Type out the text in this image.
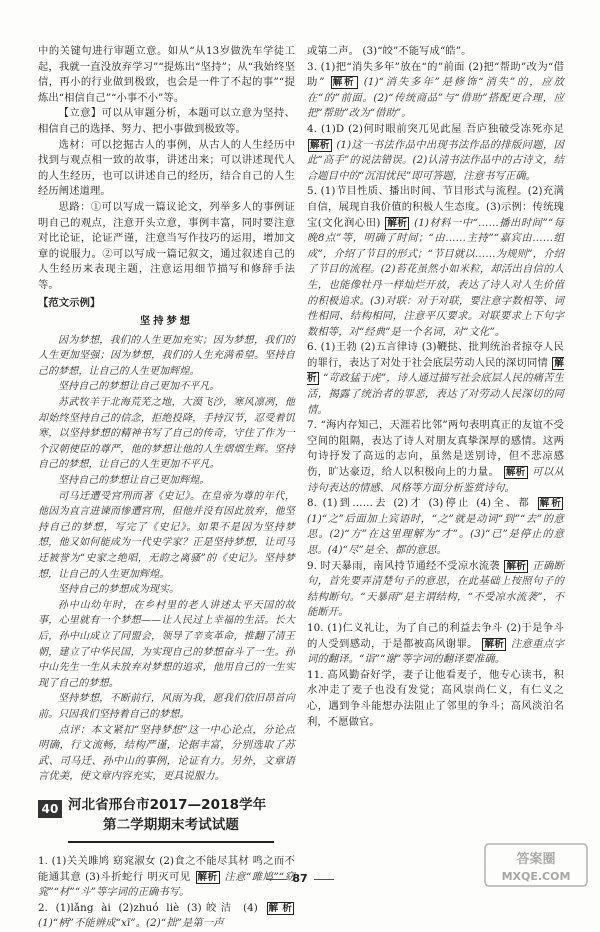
中的关键句进行审题立意。如从“从13岁做洗车学徒工起，我就一直没放弃学习”“提炼出“坚持”；从“我始终坚信，再小的行业做到极致，也会是一件了不起的事”“提炼出“相信自己”“小事不小”等。

【立意】可以从审题分析，本题可以立意为坚持、相信自己的选择、努力、把小事做到极致等。

选材：可以挖掘古人的事例，从古人的人生经历中找到与观点相一致的故事，讲述出来；可以讲述现代人的人生经历，也可以讲述自己的经历，结合自己的人生经历阐述道理。

思路：①可以写成一篇议论文，列举多人的事例证明自己的观点，注意开头立意，事例丰富，同时要注意对比论证，论证严谨，注意当写作技巧的运用，增加文章的说服力。②可以写成一篇记叙文，通过叙述自己的人生经历来表现主题，注意运用细节描写和修辞手法等。

【范文示例】

坚持梦想

因为梦想，我们的人生更加充实；因为梦想，我们的人生更加坚强；因为梦想，我们的人生充满希望。坚持自己的梦想，让自己的人生更加辉煌。

坚持自己的梦想让自己更加不平凡。

苏武牧羊于北海荒芜之地，大漠飞沙，寒风凛冽，他却始终坚持自己的信念，拒绝投降，手持汉节，忍受着饥寒，以坚持梦想的精神书写了自己的传奇，守住了作为一个汉朝使臣的尊严，他的梦想让他的人生熠熠生辉。坚持自己的梦想，让自己的人生更加不平凡。

坚持自己的梦想让自己更加辉煌。

司马迁遭受宫刑而著《史记》。在皇帝为尊的年代，他因为直言进谏而惨遭宫刑，但他并没有因此放弃，他坚持自己的梦想，写完了《史记》。如果不是因为坚持梦想，他又如何能成为一代史学家？正是坚持梦想，让司马迁被誉为“史家之绝唱，无韵之离骚”的《史记》。坚持梦想，让自己的人生更加辉煌。

坚持自己的梦想成为现实。

孙中山幼年时，在乡村里的老人讲述太平天国的故事，心里就有一个梦想——让人民过上幸福的生活。长大后，孙中山成立了同盟会，领导了辛亥革命，推翻了清王朝，建立了中华民国，为实现自己的梦想奋斗了一生。孙中山先生一生从未放弃对梦想的追求，他用自己的一生实现了自己的梦想。

坚持梦想，不断前行，风雨为我，愿我们依旧昂首向前。只因我们坚持着自己的梦想。

点评：本文紧扣“坚持梦想”这一中心论点，分论点明确，行文流畅，结构严谨，论据丰富，分别选取了苏武、司马迁、孙中山的事例，论证有力。另外，文章语言优美，使文章内容充实，更具说服力。

40 河北省邢台市2017—2018学年
第二学期期末考试试题

1. (1)关关雎鸠 窈窕淑女 (2)食之不能尽其材 鸣之而不能通其意 (3)斗折蛇行 明灭可见 解析 注意“雎鸠”“窈窕”“材”“斗”等字词的正确书写。

2. (1)lǎng ài (2)zhuó liè (3)皎洁 (4) 解析 (1)“柄”不能辨成“xī”。(2)“拙”是第一声

或第二声。 (3)“皎”不能写成“皓”。

3. (1)把“消失多年”放在“的”前面 (2)把“帮助”改为“借助” 解析 (1)“消失多年”是修饰“消失”的，应放在“的”前面。(2)“传统商品”与“借助”搭配更合理，应把“帮助”改为“借助”。

4. (1)D (2)何时眼前突兀见此屋 吾庐独破受冻死亦足 解析 (1)这一书法作品中出现书法作品的排版问题，因此“高手”的说法错误。(2)认清书法作品中的古诗文，结合题目中的“沉泪忧民”即可答题，注意书写正确。

5. (1)节目性质、播出时间、节目形式与流程。(2)充满自信，展现自我价值的积极人生态度。(3)示例：传统瑰宝(文化润心田) 解析 (1)材料一中“……播出时间”“每晚8点”等，明确了时间；“由……主持”“嘉宾由……组成”，介绍了节目的形式；“节目就以……为规则”，介绍了节目的流程。(2)苔花虽然小如米粒，却活出自信的人生，也能像牡丹一样灿烂开放，表达了诗人对人生价值的积极追求。(3)对联：对于对联，要注意字数相等、词性相同、结构相同，注意平仄要求。对联要求上下句字数相等，对“经典”是一个名词，对“文化”。

6. (1)王勃 (2)五言律诗 (3)鞭挞、批判统治者掠夺人民的罪行，表达了对处于社会底层劳动人民的深切同情 解析 “苛政猛于虎”，诗人通过描写社会底层人民的痛苦生活，揭露了统治者的罪恶，表达了对劳动人民深切的同情。

7. “海内存知己，天涯若比邻”两句表明真正的友谊不受空间的阻隔，表达了诗人对朋友真挚深厚的感情。这两句诗抒发了高远的志向，虽然是送别诗，但不悲凉感伤，旷达豪迈，给人以积极向上的力量。 解析 可以从诗句表达的情感、风格等方面分析鉴赏诗句。

8. (1)到……去 (2)才 (3)停止 (4)全、都 解析 (1)“之”后面加上宾语时，“之”就是动词“到”“去”的意思。(2)“方”在这里理解为“才”。(3)“已”是停止的意思。(4)“尽”是全、都的意思。

9. 时天暴雨，南风持节通经不受凉水流袭 解析 正确断句，首先要弄清楚句子的意思，在此基础上按照句子的结构断句。“天暴雨”是主谓结构，“不受凉水流袭”，不能断开。

10. (1)仁义礼让，为了自己的利益去争斗 (2)于是争斗的人受到感动，于是都被高风谢罪。 解析 注意重点字词的翻译。“诣”“谢”等字词的翻译要准确。

11. 高风勤奋好学，妻子让他看麦子，他专心读书，积水冲走了麦子也没有发觉；高风崇尚仁义，有仁义之心，遇到争斗能想办法阻止了邻里的争斗；高风淡泊名利，不愿做官。

87
答案圈
MXQE.COM
